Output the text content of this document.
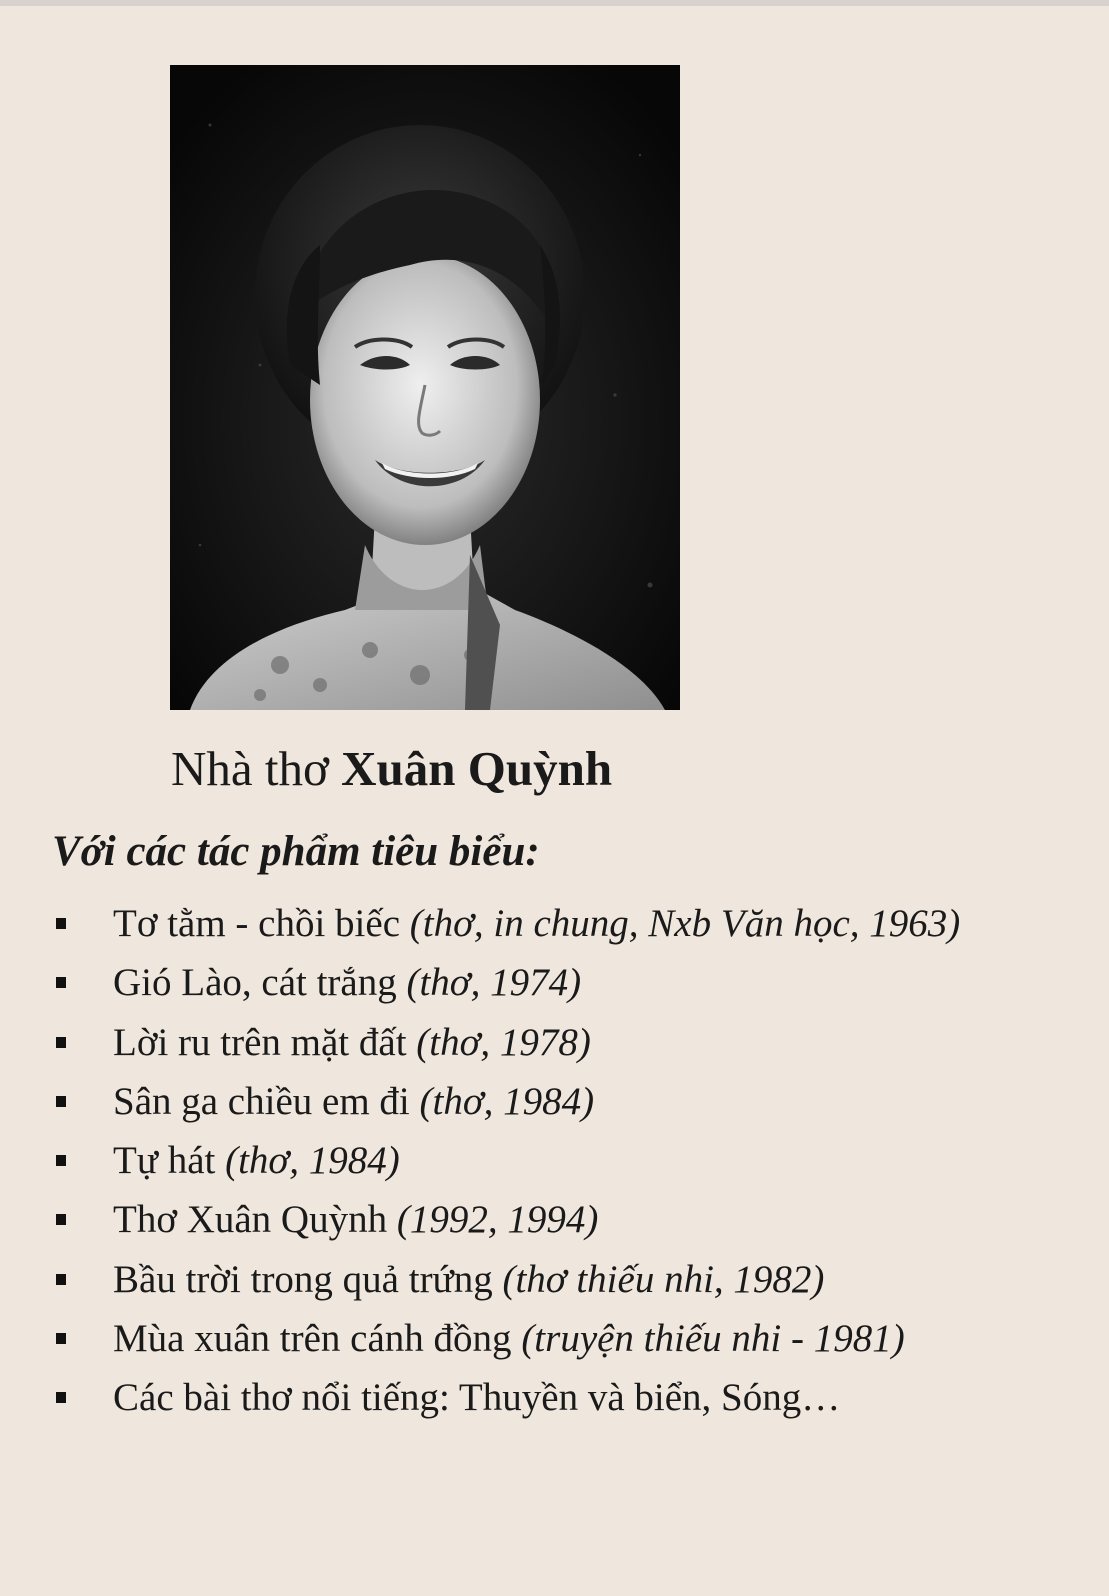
Nhà thơ Xuân Quỳnh
Với các tác phẩm tiêu biểu:
Tơ tằm - chồi biếc (thơ, in chung, Nxb Văn học, 1963)
Gió Lào, cát trắng (thơ, 1974)
Lời ru trên mặt đất (thơ, 1978)
Sân ga chiều em đi (thơ, 1984)
Tự hát (thơ, 1984)
Thơ Xuân Quỳnh (1992, 1994)
Bầu trời trong quả trứng (thơ thiếu nhi, 1982)
Mùa xuân trên cánh đồng (truyện thiếu nhi - 1981)
Các bài thơ nổi tiếng: Thuyền và biển, Sóng…
